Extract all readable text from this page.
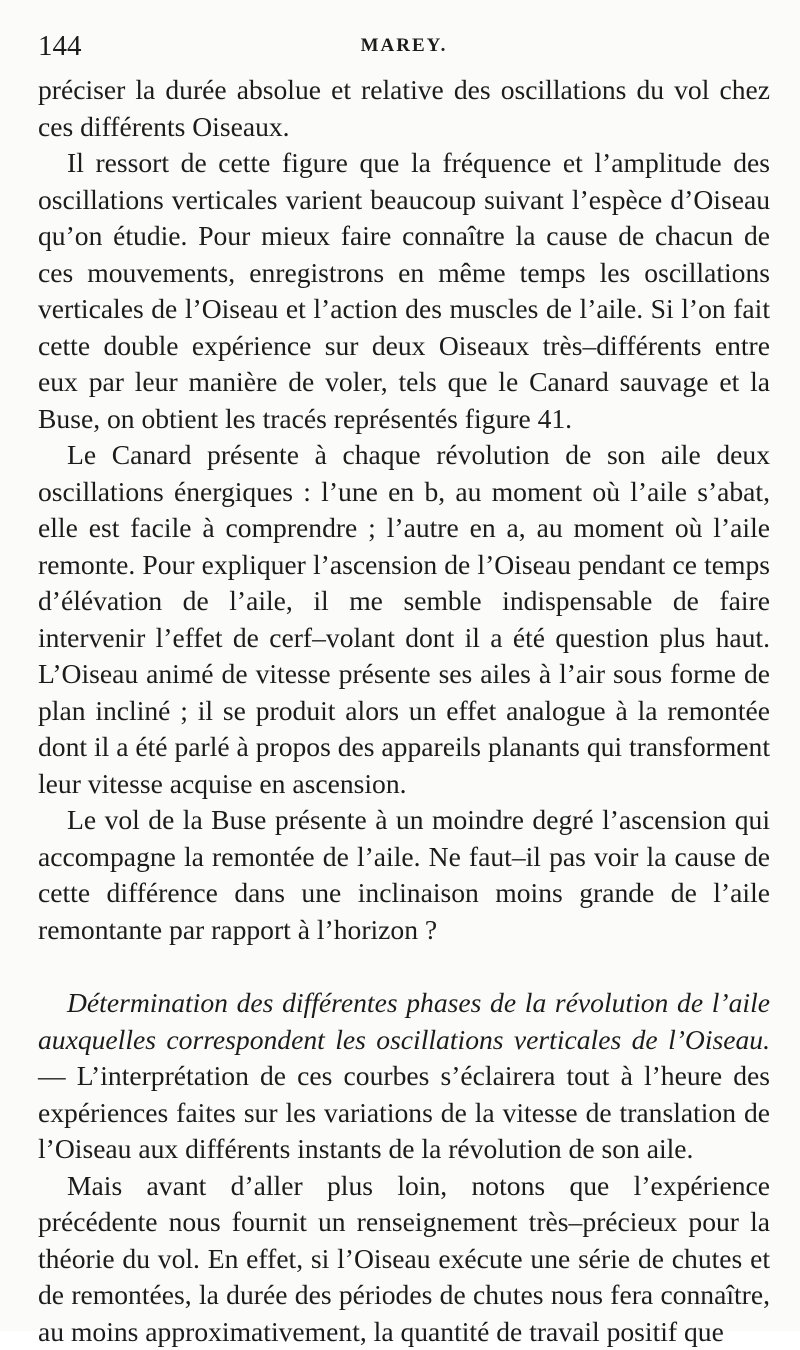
144	MAREY.

préciser la durée absolue et relative des oscillations du vol chez ces différents Oiseaux.

Il ressort de cette figure que la fréquence et l’amplitude des oscillations verticales varient beaucoup suivant l’espèce d’Oiseau qu’on étudie. Pour mieux faire connaître la cause de chacun de ces mouvements, enregistrons en même temps les oscillations verticales de l’Oiseau et l’action des muscles de l’aile. Si l’on fait cette double expérience sur deux Oiseaux très–différents entre eux par leur manière de voler, tels que le Canard sauvage et la Buse, on obtient les tracés représentés figure 41.

Le Canard présente à chaque révolution de son aile deux oscillations énergiques : l’une en b, au moment où l’aile s’abat, elle est facile à comprendre ; l’autre en a, au moment où l’aile remonte. Pour expliquer l’ascension de l’Oiseau pendant ce temps d’élévation de l’aile, il me semble indispensable de faire intervenir l’effet de cerf–volant dont il a été question plus haut. L’Oiseau animé de vitesse présente ses ailes à l’air sous forme de plan incliné ; il se produit alors un effet analogue à la remontée dont il a été parlé à propos des appareils planants qui transforment leur vitesse acquise en ascension.

Le vol de la Buse présente à un moindre degré l’ascension qui accompagne la remontée de l’aile. Ne faut–il pas voir la cause de cette différence dans une inclinaison moins grande de l’aile remontante par rapport à l’horizon ?

Détermination des différentes phases de la révolution de l’aile auxquelles correspondent les oscillations verticales de l’Oiseau. — L’interprétation de ces courbes s’éclairera tout à l’heure des expériences faites sur les variations de la vitesse de translation de l’Oiseau aux différents instants de la révolution de son aile.

Mais avant d’aller plus loin, notons que l’expérience précédente nous fournit un renseignement très–précieux pour la théorie du vol. En effet, si l’Oiseau exécute une série de chutes et de remontées, la durée des périodes de chutes nous fera connaître, au moins approximativement, la quantité de travail positif que
